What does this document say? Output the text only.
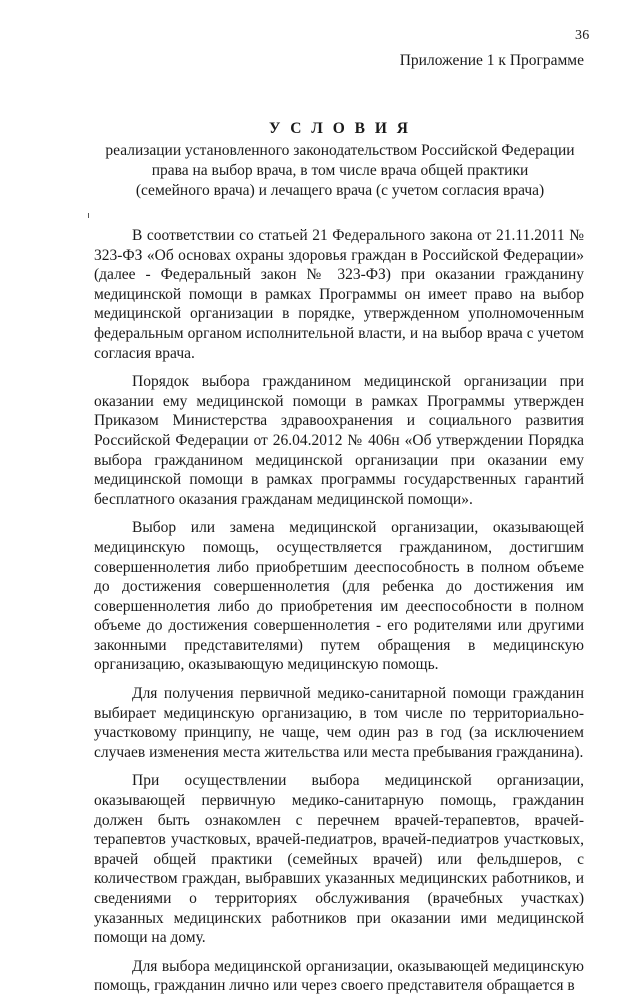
36
Приложение 1 к Программе
У С Л О В И Я
реализации установленного законодательством Российской Федерации
права на выбор врача, в том числе врача общей практики
(семейного врача) и лечащего врача (с учетом согласия врача)

В соответствии со статьей 21 Федерального закона от 21.11.2011 № 323-ФЗ «Об основах охраны здоровья граждан в Российской Федерации» (далее - Федеральный закон № 323-ФЗ) при оказании гражданину медицинской помощи в рамках Программы он имеет право на выбор медицинской организации в порядке, утвержденном уполномоченным федеральным органом исполнительной власти, и на выбор врача с учетом согласия врача.

Порядок выбора гражданином медицинской организации при оказании ему медицинской помощи в рамках Программы утвержден Приказом Министерства здравоохранения и социального развития Российской Федерации от 26.04.2012 № 406н «Об утверждении Порядка выбора гражданином медицинской организации при оказании ему медицинской помощи в рамках программы государственных гарантий бесплатного оказания гражданам медицинской помощи».

Выбор или замена медицинской организации, оказывающей медицинскую помощь, осуществляется гражданином, достигшим совершеннолетия либо приобретшим дееспособность в полном объеме до достижения совершеннолетия (для ребенка до достижения им совершеннолетия либо до приобретения им дееспособности в полном объеме до достижения совершеннолетия - его родителями или другими законными представителями) путем обращения в медицинскую организацию, оказывающую медицинскую помощь.

Для получения первичной медико-санитарной помощи гражданин выбирает медицинскую организацию, в том числе по территориально-участковому принципу, не чаще, чем один раз в год (за исключением случаев изменения места жительства или места пребывания гражданина).

При осуществлении выбора медицинской организации, оказывающей первичную медико-санитарную помощь, гражданин должен быть ознакомлен с перечнем врачей-терапевтов, врачей-терапевтов участковых, врачей-педиатров, врачей-педиатров участковых, врачей общей практики (семейных врачей) или фельдшеров, с количеством граждан, выбравших указанных медицинских работников, и сведениями о территориях обслуживания (врачебных участках) указанных медицинских работников при оказании ими медицинской помощи на дому.

Для выбора медицинской организации, оказывающей медицинскую помощь, гражданин лично или через своего представителя обращается в
